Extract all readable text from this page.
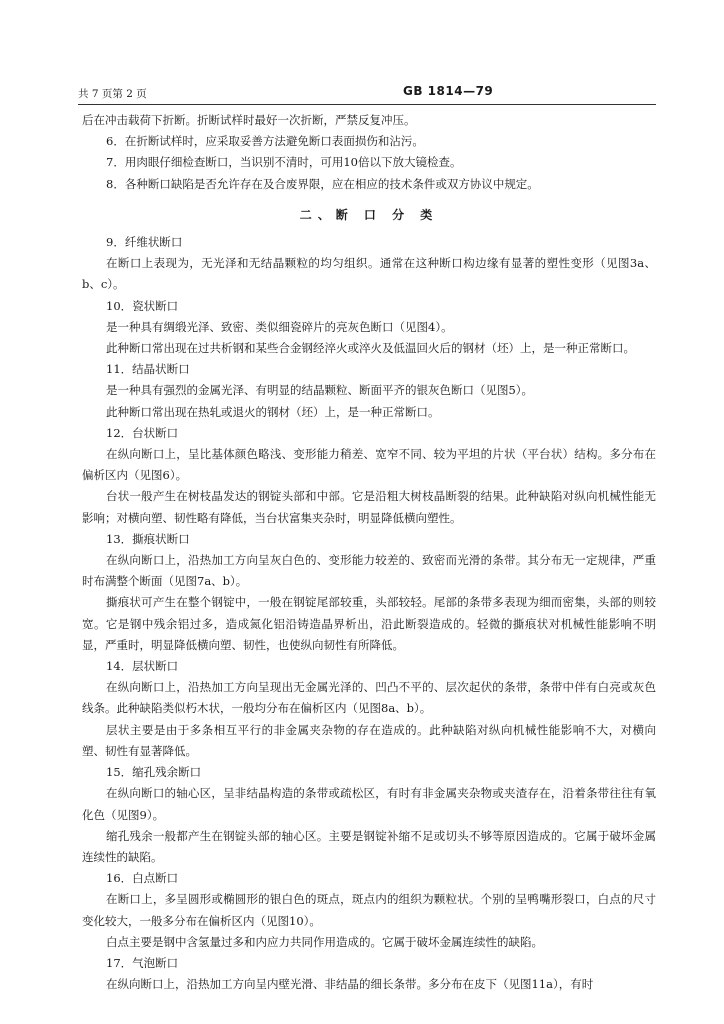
共 7 页第 2 页	GB 1814—79

后在冲击载荷下折断。折断试样时最好一次折断，严禁反复冲压。

6．在折断试样时，应采取妥善方法避免断口表面损伤和沾污。

7．用肉眼仔细检查断口，当识别不清时，可用10倍以下放大镜检查。

8．各种断口缺陷是否允许存在及合废界限，应在相应的技术条件或双方协议中规定。

二、断 口 分 类

9．纤维状断口

在断口上表现为，无光泽和无结晶颗粒的均匀组织。通常在这种断口构边缘有显著的塑性变形（见图3a、b、c）。

10．瓷状断口

是一种具有绸缎光泽、致密、类似细瓷碎片的亮灰色断口（见图4）。

此种断口常出现在过共析钢和某些合金钢经淬火或淬火及低温回火后的钢材（坯）上，是一种正常断口。

11．结晶状断口

是一种具有强烈的金属光泽、有明显的结晶颗粒、断面平齐的银灰色断口（见图5）。

此种断口常出现在热轧或退火的钢材（坯）上，是一种正常断口。

12．台状断口

在纵向断口上，呈比基体颜色略浅、变形能力稍差、宽窄不同、较为平坦的片状（平台状）结构。多分布在偏析区内（见图6）。

台状一般产生在树枝晶发达的钢锭头部和中部。它是沿粗大树枝晶断裂的结果。此种缺陷对纵向机械性能无影响；对横向塑、韧性略有降低，当台状富集夹杂时，明显降低横向塑性。

13．撕痕状断口

在纵向断口上，沿热加工方向呈灰白色的、变形能力较差的、致密而光滑的条带。其分布无一定规律，严重时布满整个断面（见图7a、b）。

撕痕状可产生在整个钢锭中，一般在钢锭尾部较重，头部较轻。尾部的条带多表现为细而密集，头部的则较宽。它是钢中残余铝过多，造成氮化铝沿铸造晶界析出，沿此断裂造成的。轻微的撕痕状对机械性能影响不明显，严重时，明显降低横向塑、韧性，也使纵向韧性有所降低。

14．层状断口

在纵向断口上，沿热加工方向呈现出无金属光泽的、凹凸不平的、层次起伏的条带，条带中伴有白亮或灰色线条。此种缺陷类似朽木状，一般均分布在偏析区内（见图8a、b）。

层状主要是由于多条相互平行的非金属夹杂物的存在造成的。此种缺陷对纵向机械性能影响不大，对横向塑、韧性有显著降低。

15．缩孔残余断口

在纵向断口的轴心区，呈非结晶构造的条带或疏松区，有时有非金属夹杂物或夹渣存在，沿着条带往往有氧化色（见图9）。

缩孔残余一般都产生在钢锭头部的轴心区。主要是钢锭补缩不足或切头不够等原因造成的。它属于破坏金属连续性的缺陷。

16．白点断口

在断口上，多呈圆形或椭圆形的银白色的斑点，斑点内的组织为颗粒状。个别的呈鸭嘴形裂口，白点的尺寸变化较大，一般多分布在偏析区内（见图10）。

白点主要是钢中含氢量过多和内应力共同作用造成的。它属于破坏金属连续性的缺陷。

17．气泡断口

在纵向断口上，沿热加工方向呈内壁光滑、非结晶的细长条带。多分布在皮下（见图11a），有时
